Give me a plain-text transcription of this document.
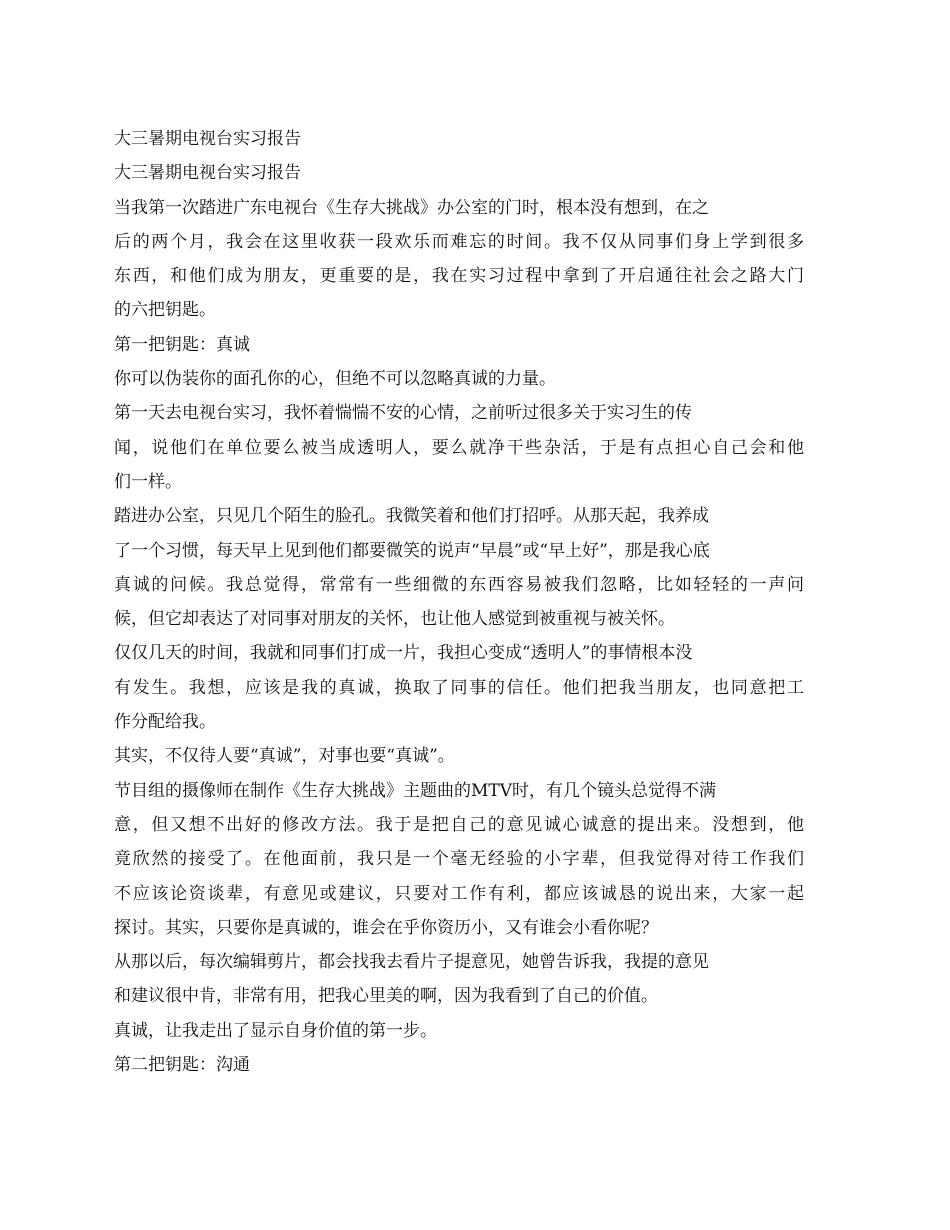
大三暑期电视台实习报告
大三暑期电视台实习报告
当我第一次踏进广东电视台《生存大挑战》办公室的门时，根本没有想到，在之
后的两个月，我会在这里收获一段欢乐而难忘的时间。我不仅从同事们身上学到很多
东西，和他们成为朋友，更重要的是，我在实习过程中拿到了开启通往社会之路大门
的六把钥匙。
第一把钥匙：真诚
你可以伪装你的面孔你的心，但绝不可以忽略真诚的力量。
第一天去电视台实习，我怀着惴惴不安的心情，之前听过很多关于实习生的传
闻，说他们在单位要么被当成透明人，要么就净干些杂活，于是有点担心自己会和他
们一样。
踏进办公室，只见几个陌生的脸孔。我微笑着和他们打招呼。从那天起，我养成
了一个习惯，每天早上见到他们都要微笑的说声“早晨”或“早上好”，那是我心底
真诚的问候。我总觉得，常常有一些细微的东西容易被我们忽略，比如轻轻的一声问
候，但它却表达了对同事对朋友的关怀，也让他人感觉到被重视与被关怀。
仅仅几天的时间，我就和同事们打成一片，我担心变成“透明人”的事情根本没
有发生。我想，应该是我的真诚，换取了同事的信任。他们把我当朋友，也同意把工
作分配给我。
其实，不仅待人要“真诚”，对事也要“真诚”。
节目组的摄像师在制作《生存大挑战》主题曲的MTV时，有几个镜头总觉得不满
意，但又想不出好的修改方法。我于是把自己的意见诚心诚意的提出来。没想到，他
竟欣然的接受了。在他面前，我只是一个毫无经验的小字辈，但我觉得对待工作我们
不应该论资谈辈，有意见或建议，只要对工作有利，都应该诚恳的说出来，大家一起
探讨。其实，只要你是真诚的，谁会在乎你资历小，又有谁会小看你呢？
从那以后，每次编辑剪片，都会找我去看片子提意见，她曾告诉我，我提的意见
和建议很中肯，非常有用，把我心里美的啊，因为我看到了自己的价值。
真诚，让我走出了显示自身价值的第一步。
第二把钥匙：沟通
